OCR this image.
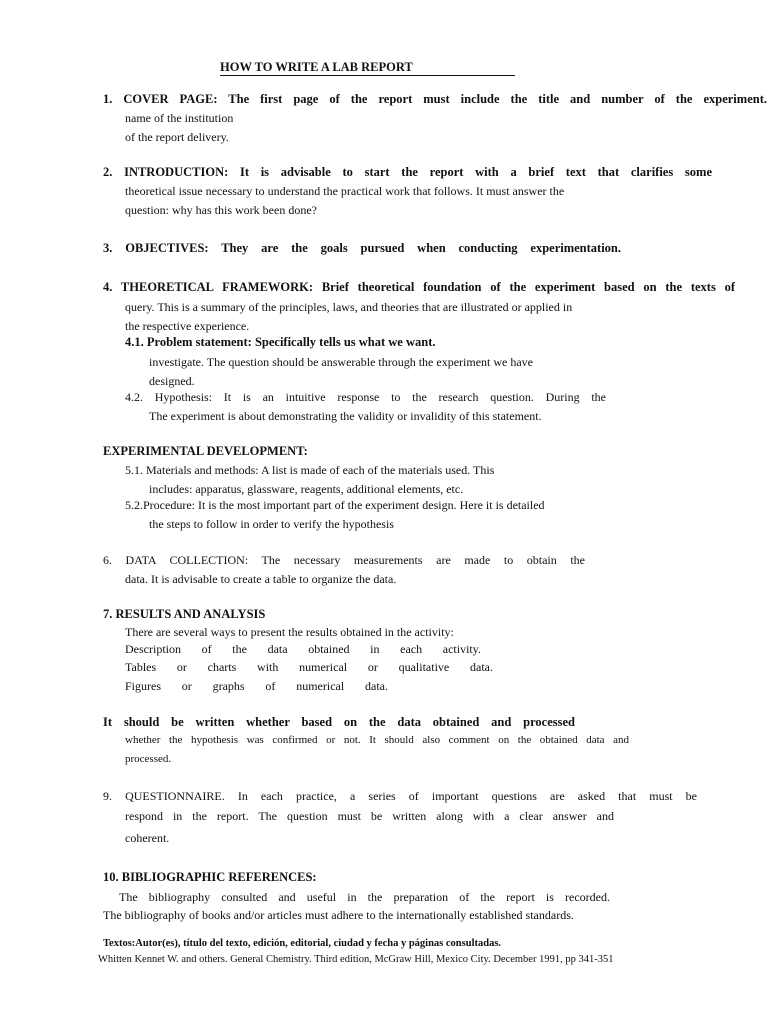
HOW TO WRITE A LAB REPORT
1. COVER PAGE: The first page of the report must include the title and number of the experiment.
name of the institution
of the report delivery.
2. INTRODUCTION: It is advisable to start the report with a brief text that clarifies some
theoretical issue necessary to understand the practical work that follows. It must answer the
question: why has this work been done?
3. OBJECTIVES: They are the goals pursued when conducting experimentation.
4. THEORETICAL FRAMEWORK: Brief theoretical foundation of the experiment based on the texts of
query. This is a summary of the principles, laws, and theories that are illustrated or applied in
the respective experience.
4.1. Problem statement: Specifically tells us what we want.
investigate. The question should be answerable through the experiment we have
designed.
4.2. Hypothesis: It is an intuitive response to the research question. During the
The experiment is about demonstrating the validity or invalidity of this statement.
EXPERIMENTAL DEVELOPMENT:
5.1. Materials and methods: A list is made of each of the materials used. This
includes: apparatus, glassware, reagents, additional elements, etc.
5.2.Procedure: It is the most important part of the experiment design. Here it is detailed
the steps to follow in order to verify the hypothesis
6. DATA COLLECTION: The necessary measurements are made to obtain the
data. It is advisable to create a table to organize the data.
7. RESULTS AND ANALYSIS
There are several ways to present the results obtained in the activity:
Description of the data obtained in each activity.
Tables or charts with numerical or qualitative data.
Figures or graphs of numerical data.
It should be written whether based on the data obtained and processed
whether the hypothesis was confirmed or not. It should also comment on the obtained data and
processed.
9. QUESTIONNAIRE. In each practice, a series of important questions are asked that must be
respond in the report. The question must be written along with a clear answer and
coherent.
10. BIBLIOGRAPHIC REFERENCES:
The bibliography consulted and useful in the preparation of the report is recorded.
The bibliography of books and/or articles must adhere to the internationally established standards.
Textos:Autor(es), título del texto, edición, editorial, ciudad y fecha y páginas consultadas.
Whitten Kennet W. and others. General Chemistry. Third edition, McGraw Hill, Mexico City. December 1991, pp 341-351
